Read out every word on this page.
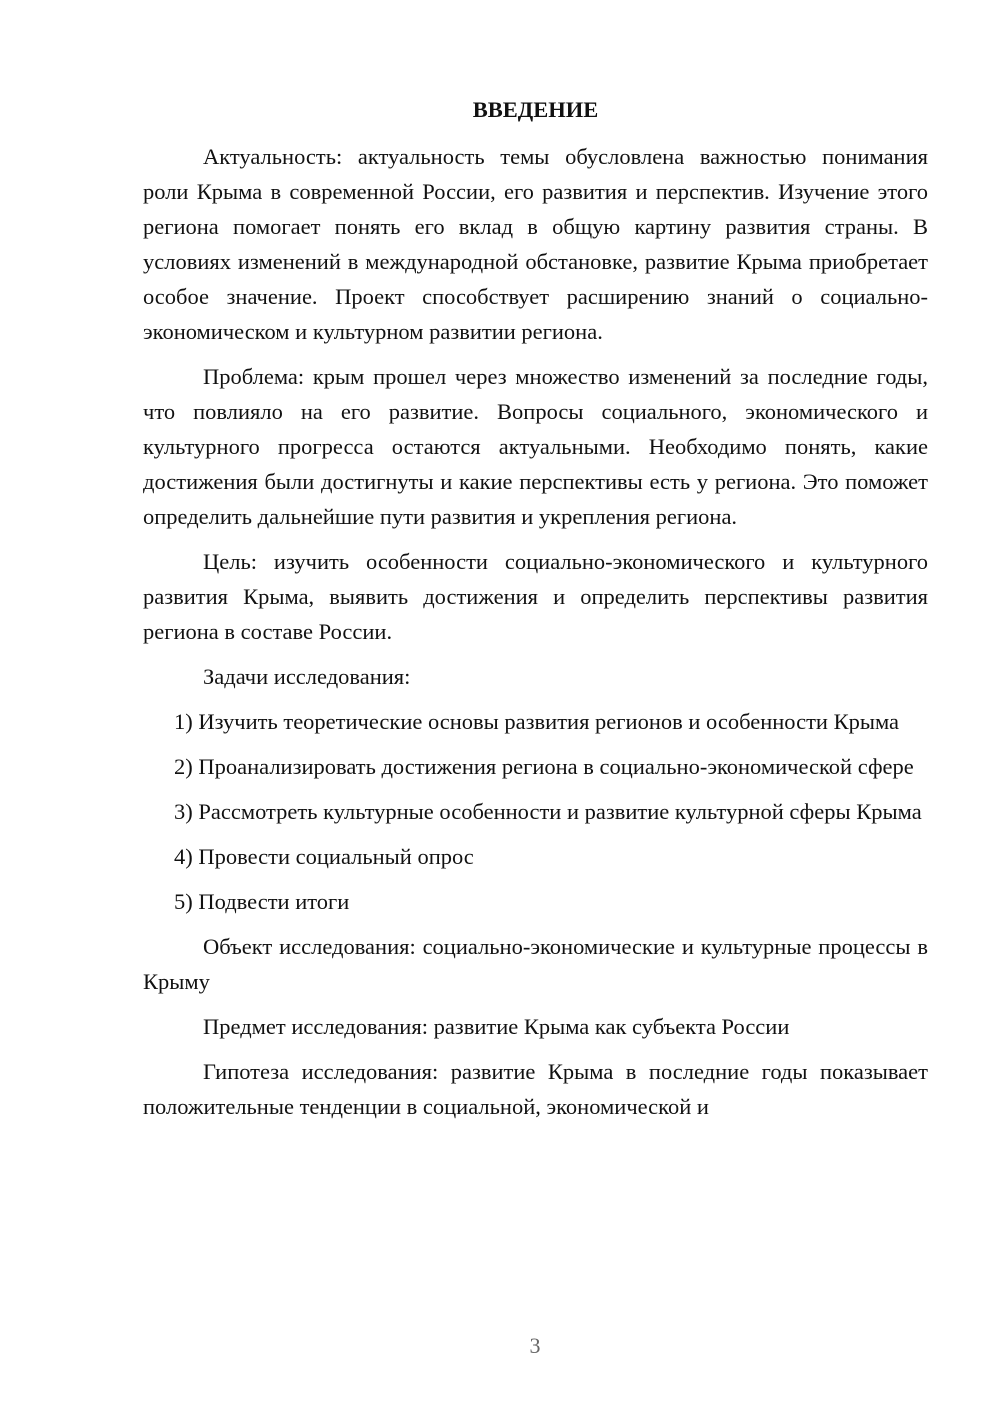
ВВЕДЕНИЕ

Актуальность: актуальность темы обусловлена важностью понимания роли Крыма в современной России, его развития и перспектив. Изучение этого региона помогает понять его вклад в общую картину развития страны. В условиях изменений в международной обстановке, развитие Крыма приобретает особое значение. Проект способствует расширению знаний о социально-экономическом и культурном развитии региона.

Проблема: крым прошел через множество изменений за последние годы, что повлияло на его развитие. Вопросы социального, экономического и культурного прогресса остаются актуальными. Необходимо понять, какие достижения были достигнуты и какие перспективы есть у региона. Это поможет определить дальнейшие пути развития и укрепления региона.

Цель: изучить особенности социально-экономического и культурного развития Крыма, выявить достижения и определить перспективы развития региона в составе России.

Задачи исследования:

1) Изучить теоретические основы развития регионов и особенности Крыма

2) Проанализировать достижения региона в социально-экономической сфере

3) Рассмотреть культурные особенности и развитие культурной сферы Крыма

4) Провести социальный опрос

5) Подвести итоги

Объект исследования: социально-экономические и культурные процессы в Крыму

Предмет исследования: развитие Крыма как субъекта России

Гипотеза исследования: развитие Крыма в последние годы показывает положительные тенденции в социальной, экономической и

3
